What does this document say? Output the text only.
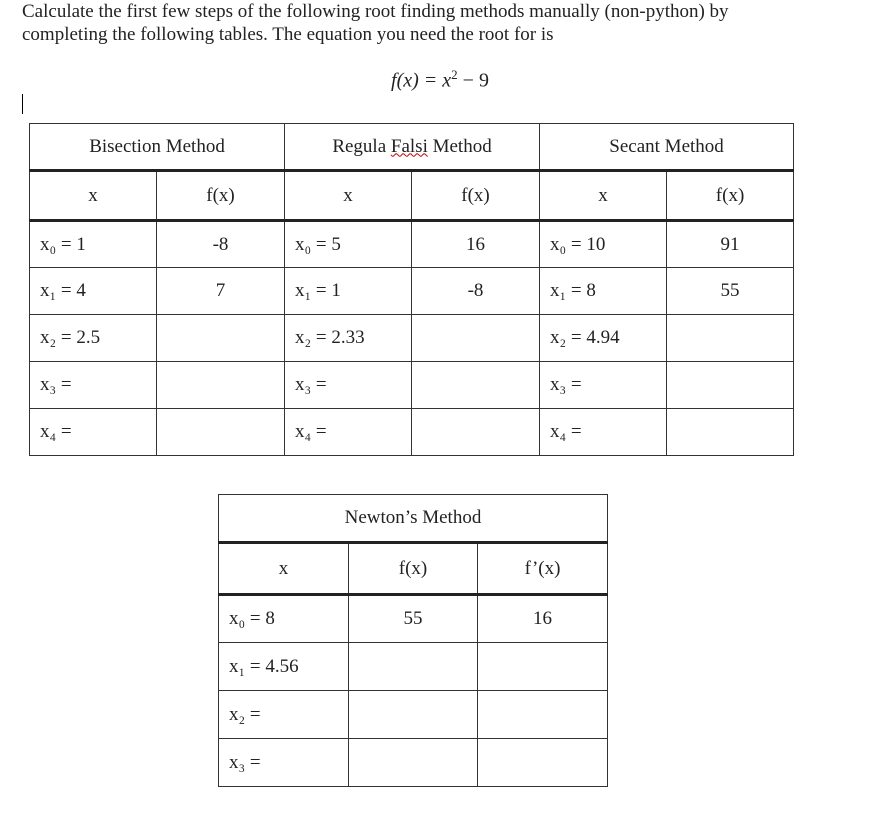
Calculate the first few steps of the following root finding methods manually (non-python) by
completing the following tables. The equation you need the root for is
$f(x) = x^2 - 9$
Bisection Method		Regula Falsi Method		Secant Method	
x	f(x)	x	f(x)	x	f(x)
x₀ = 1	-8	x₀ = 5	16	x₀ = 10	91
x₁ = 4	7	x₁ = 1	-8	x₁ = 8	55
x₂ = 2.5		x₂ = 2.33		x₂ = 4.94	
x₃ =		x₃ =		x₃ =	
x₄ =		x₄ =		x₄ =	
Newton’s Method		
x	f(x)	f’(x)
x₀ = 8	55	16
x₁ = 4.56		
x₂ =		
x₃ =		
